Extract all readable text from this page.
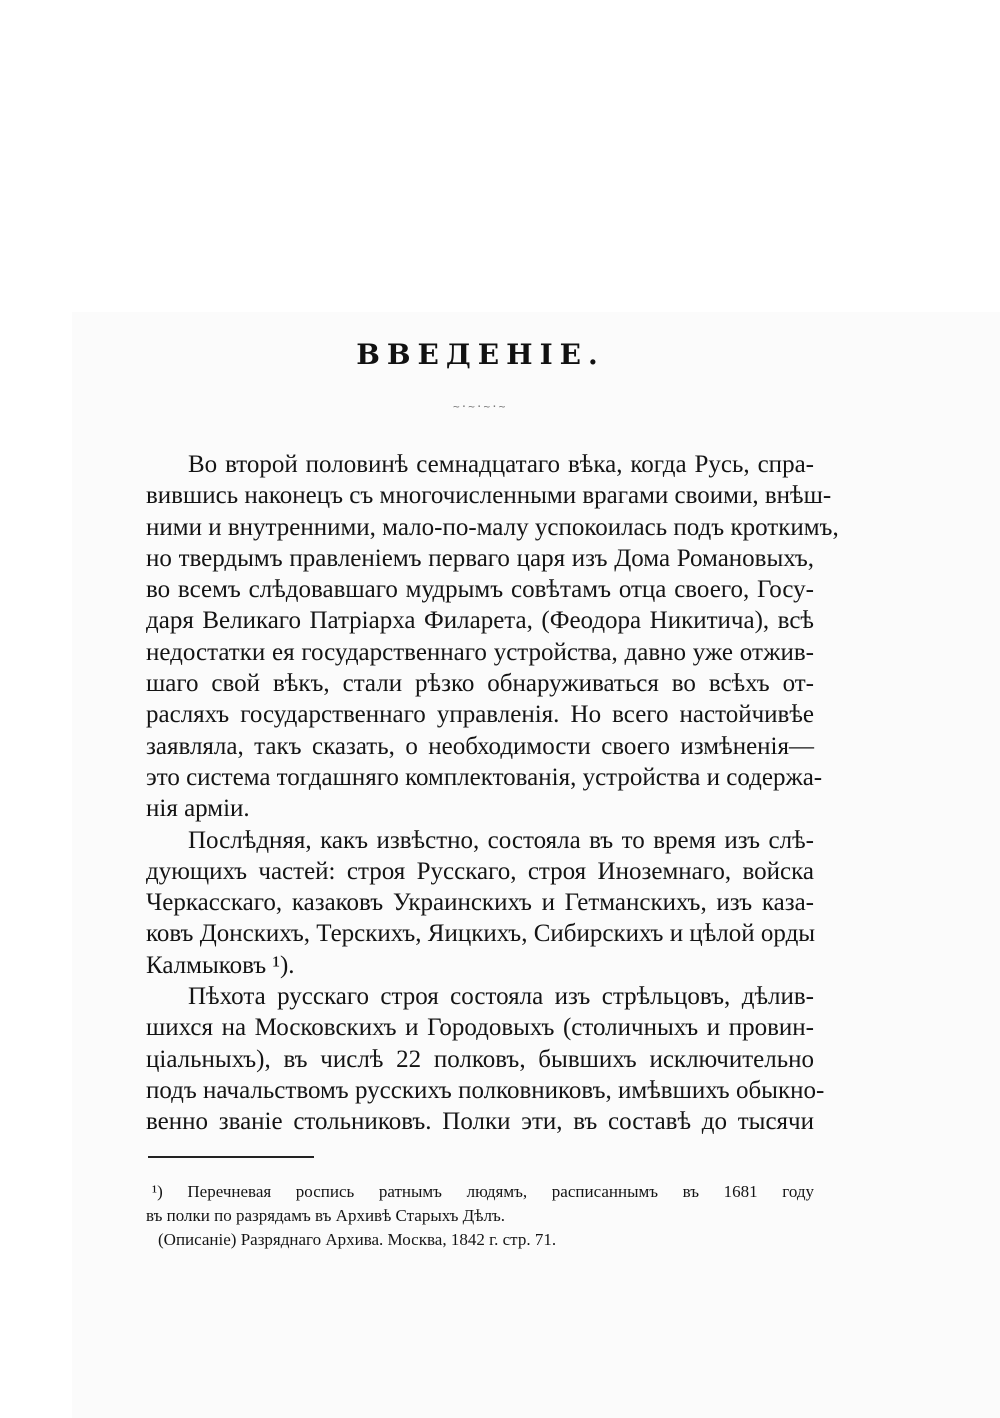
ВВЕДЕНІЕ.
~·~·~·~

Во второй половинѣ семнадцатаго вѣка, когда Русь, спра-
вившись наконецъ съ многочисленными врагами своими, внѣш-
ними и внутренними, мало-по-малу успокоилась подъ кроткимъ,
но твердымъ правленіемъ перваго царя изъ Дома Романовыхъ,
во всемъ слѣдовавшаго мудрымъ совѣтамъ отца своего, Госу-
даря Великаго Патріарха Филарета, (Феодора Никитича), всѣ
недостатки ея государственнаго устройства, давно уже отжив-
шаго свой вѣкъ, стали рѣзко обнаруживаться во всѣхъ от-
расляхъ государственнаго управленія. Но всего настойчивѣе
заявляла, такъ сказать, о необходимости своего измѣненія—
это система тогдашняго комплектованія, устройства и содержа-
нія арміи.

Послѣдняя, какъ извѣстно, состояла въ то время изъ слѣ-
дующихъ частей: строя Русскаго, строя Иноземнаго, войска
Черкасскаго, казаковъ Украинскихъ и Гетманскихъ, изъ каза-
ковъ Донскихъ, Терскихъ, Яицкихъ, Сибирскихъ и цѣлой орды
Калмыковъ ¹).

Пѣхота русскаго строя состояла изъ стрѣльцовъ, дѣлив-
шихся на Московскихъ и Городовыхъ (столичныхъ и провин-
ціальныхъ), въ числѣ 22 полковъ, бывшихъ исключительно
подъ начальствомъ русскихъ полковниковъ, имѣвшихъ обыкно-
венно званіе стольниковъ. Полки эти, въ составѣ до тысячи

¹) Перечневая роспись ратнымъ людямъ, расписаннымъ въ 1681 году
въ полки по разрядамъ въ Архивѣ Старыхъ Дѣлъ.
(Описаніе) Разряднаго Архива. Москва, 1842 г. стр. 71.
